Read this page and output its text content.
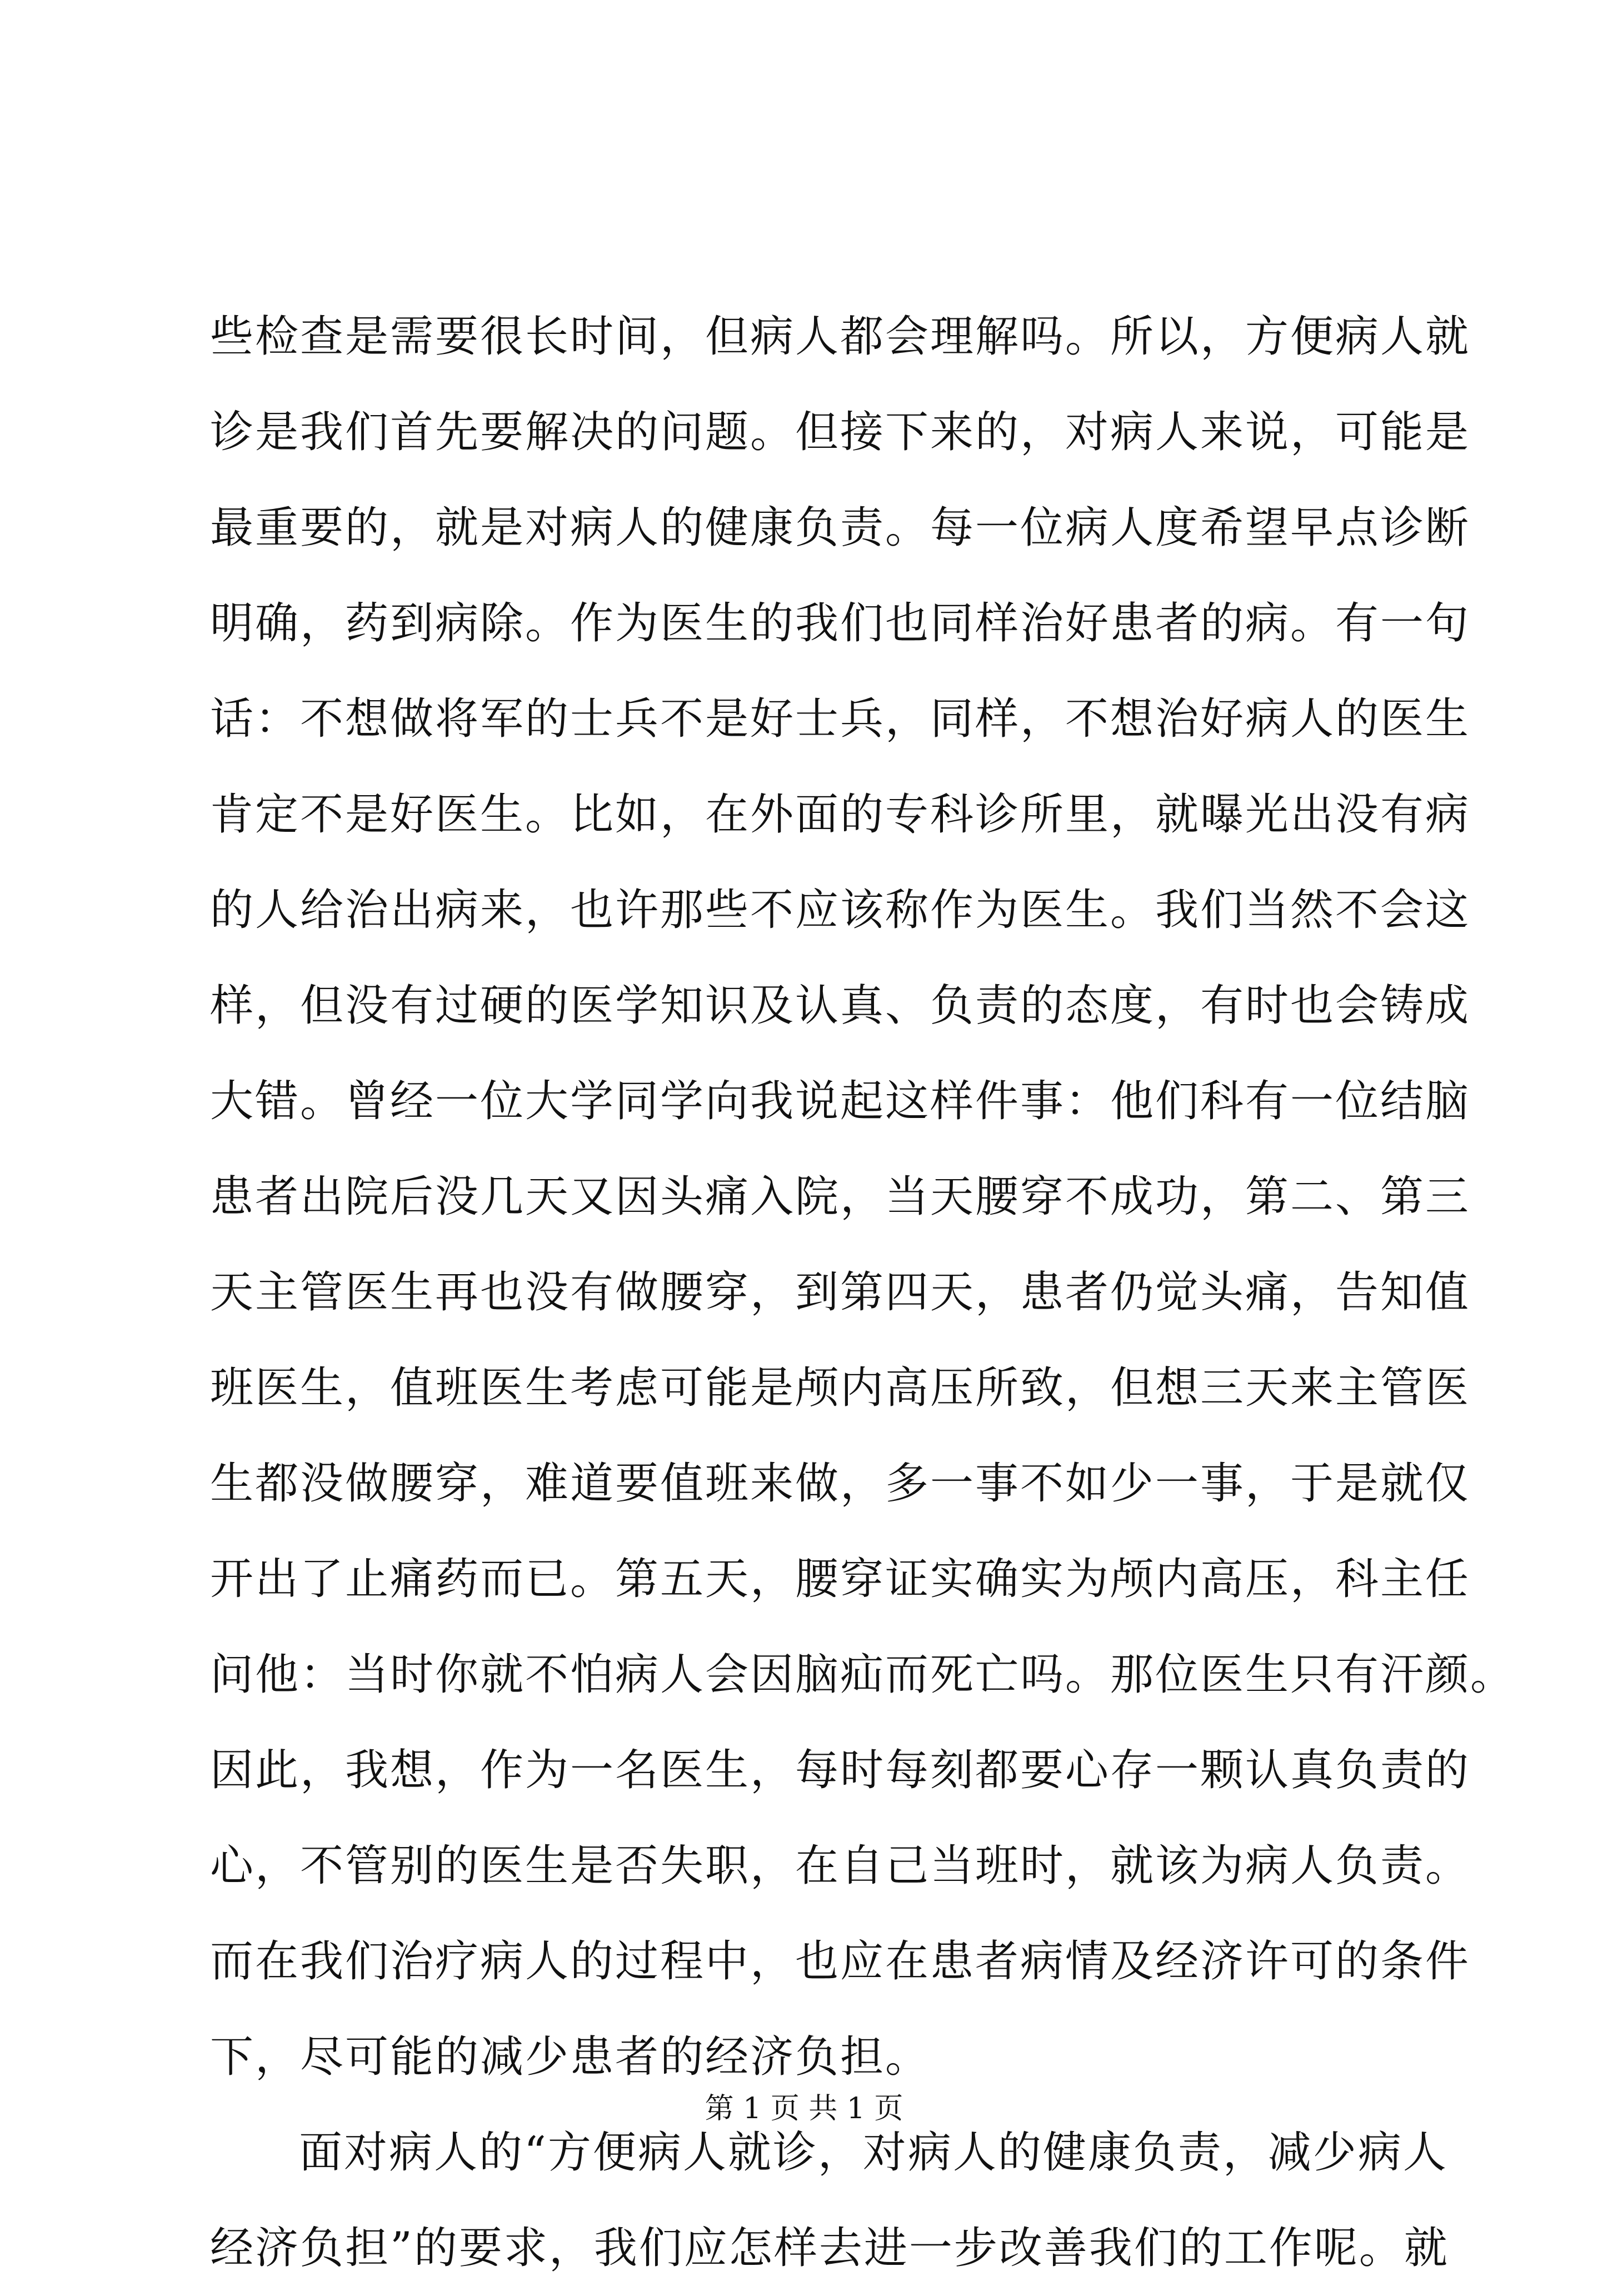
些检查是需要很长时间，但病人都会理解吗。所以，方便病人就
诊是我们首先要解决的问题。但接下来的，对病人来说，可能是
最重要的，就是对病人的健康负责。每一位病人度希望早点诊断
明确，药到病除。作为医生的我们也同样治好患者的病。有一句
话：不想做将军的士兵不是好士兵，同样，不想治好病人的医生
肯定不是好医生。比如，在外面的专科诊所里，就曝光出没有病
的人给治出病来，也许那些不应该称作为医生。我们当然不会这
样，但没有过硬的医学知识及认真、负责的态度，有时也会铸成
大错。曾经一位大学同学向我说起这样件事：他们科有一位结脑
患者出院后没几天又因头痛入院，当天腰穿不成功，第二、第三
天主管医生再也没有做腰穿，到第四天，患者仍觉头痛，告知值
班医生，值班医生考虑可能是颅内高压所致，但想三天来主管医
生都没做腰穿，难道要值班来做，多一事不如少一事，于是就仅
开出了止痛药而已。第五天，腰穿证实确实为颅内高压，科主任
问他：当时你就不怕病人会因脑疝而死亡吗。那位医生只有汗颜。
因此，我想，作为一名医生，每时每刻都要心存一颗认真负责的
心，不管别的医生是否失职，在自己当班时，就该为病人负责。
而在我们治疗病人的过程中，也应在患者病情及经济许可的条件
下，尽可能的减少患者的经济负担。
面对病人的“方便病人就诊，对病人的健康负责，减少病人
经济负担”的要求，我们应怎样去进一步改善我们的工作呢。就
第 1 页 共 1 页
